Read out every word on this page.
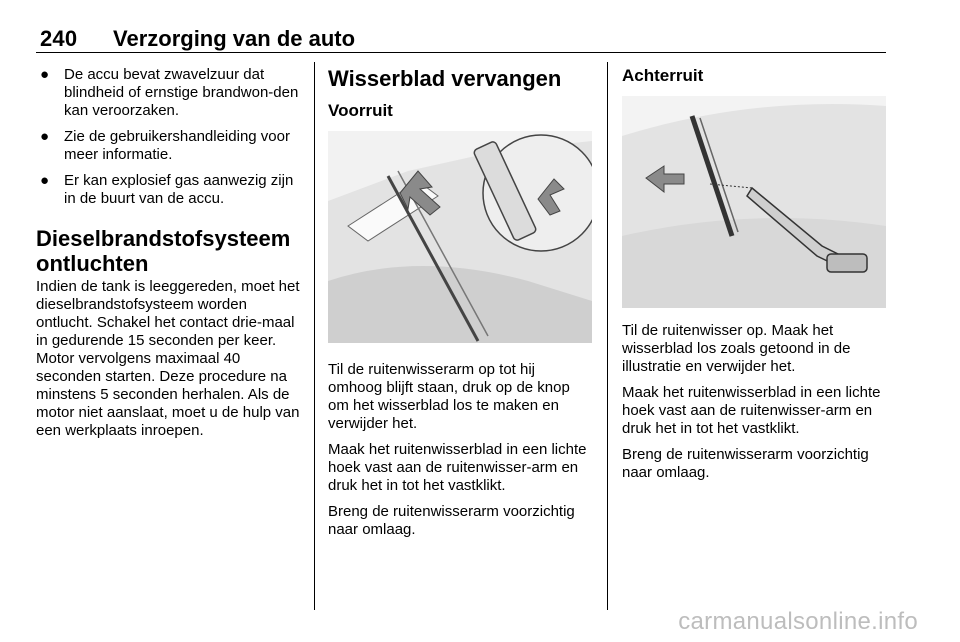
240 Verzorging van de auto
● De accu bevat zwavelzuur dat blindheid of ernstige brandwon-den kan veroorzaken.
● Zie de gebruikershandleiding voor meer informatie.
● Er kan explosief gas aanwezig zijn in de buurt van de accu.
Dieselbrandstofsysteem ontluchten

Indien de tank is leeggereden, moet het dieselbrandstofsysteem worden ontlucht. Schakel het contact drie-maal in gedurende 15 seconden per keer. Motor vervolgens maximaal 40 seconden starten. Deze procedure na minstens 5 seconden herhalen. Als de motor niet aanslaat, moet u de hulp van een werkplaats inroepen.

Wisserblad vervangen
Voorruit

Til de ruitenwisserarm op tot hij omhoog blijft staan, druk op de knop om het wisserblad los te maken en verwijder het.

Maak het ruitenwisserblad in een lichte hoek vast aan de ruitenwisser-arm en druk het in tot het vastklikt.

Breng de ruitenwisserarm voorzichtig naar omlaag.

Achterruit

Til de ruitenwisser op. Maak het wisserblad los zoals getoond in de illustratie en verwijder het.

Maak het ruitenwisserblad in een lichte hoek vast aan de ruitenwisser-arm en druk het in tot het vastklikt.

Breng de ruitenwisserarm voorzichtig naar omlaag.

carmanualsonline.info
